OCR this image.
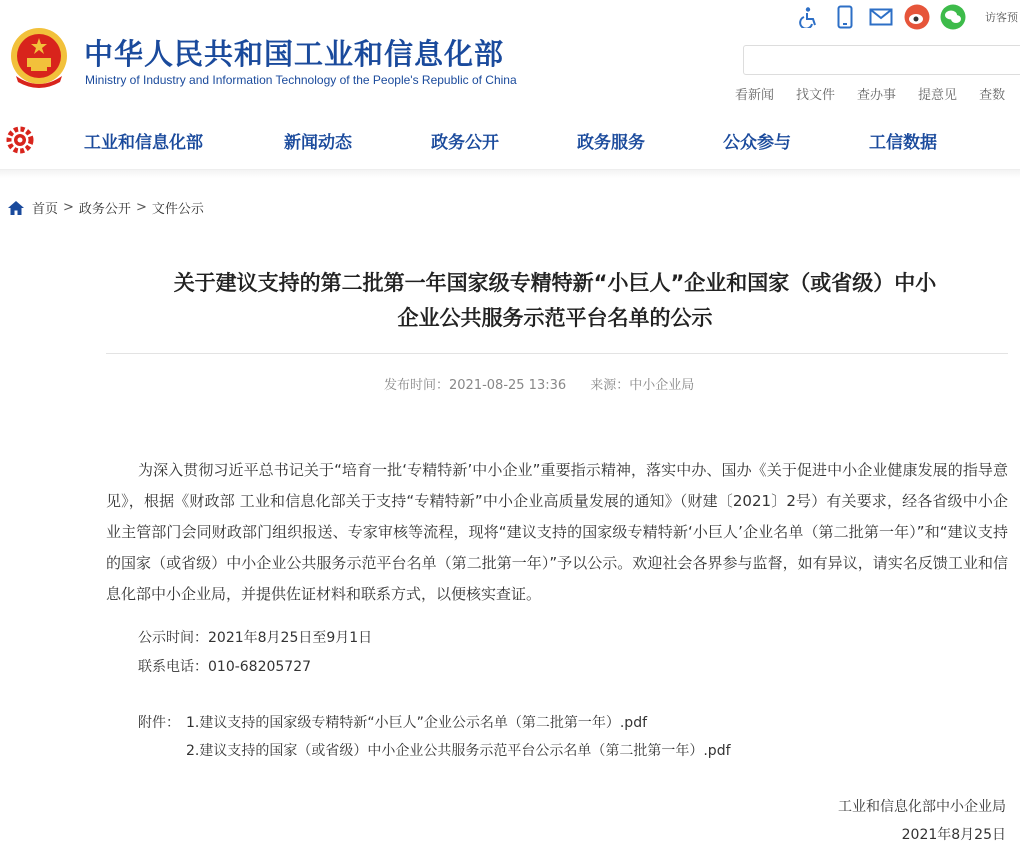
中华人民共和国工业和信息化部
Ministry of Industry and Information Technology of the People's Republic of China
访客预
看新闻 找文件 查办事 提意见 查数
工业和信息化部	新闻动态	政务公开	政务服务	公众参与	工信数据
首页 > 政务公开 > 文件公示
关于建议支持的第二批第一年国家级专精特新“小巨人”企业和国家（或省级）中小
企业公共服务示范平台名单的公示
发布时间：2021-08-25 13:36 来源：中小企业局
为深入贯彻习近平总书记关于“培育一批‘专精特新’中小企业”重要指示精神，落实中办、国办《关于促进中小企业健康发展的指导意见》，根据《财政部 工业和信息化部关于支持“专精特新”中小企业高质量发展的通知》（财建〔2021〕2号）有关要求，经各省级中小企业主管部门会同财政部门组织报送、专家审核等流程，现将“建议支持的国家级专精特新‘小巨人’企业名单（第二批第一年）”和“建议支持的国家（或省级）中小企业公共服务示范平台名单（第二批第一年）”予以公示。欢迎社会各界参与监督，如有异议，请实名反馈工业和信息化部中小企业局，并提供佐证材料和联系方式，以便核实查证。
公示时间：2021年8月25日至9月1日
联系电话：010-68205727
附件： 1.建议支持的国家级专精特新“小巨人”企业公示名单（第二批第一年）.pdf
2.建议支持的国家（或省级）中小企业公共服务示范平台公示名单（第二批第一年）.pdf
工业和信息化部中小企业局
2021年8月25日
